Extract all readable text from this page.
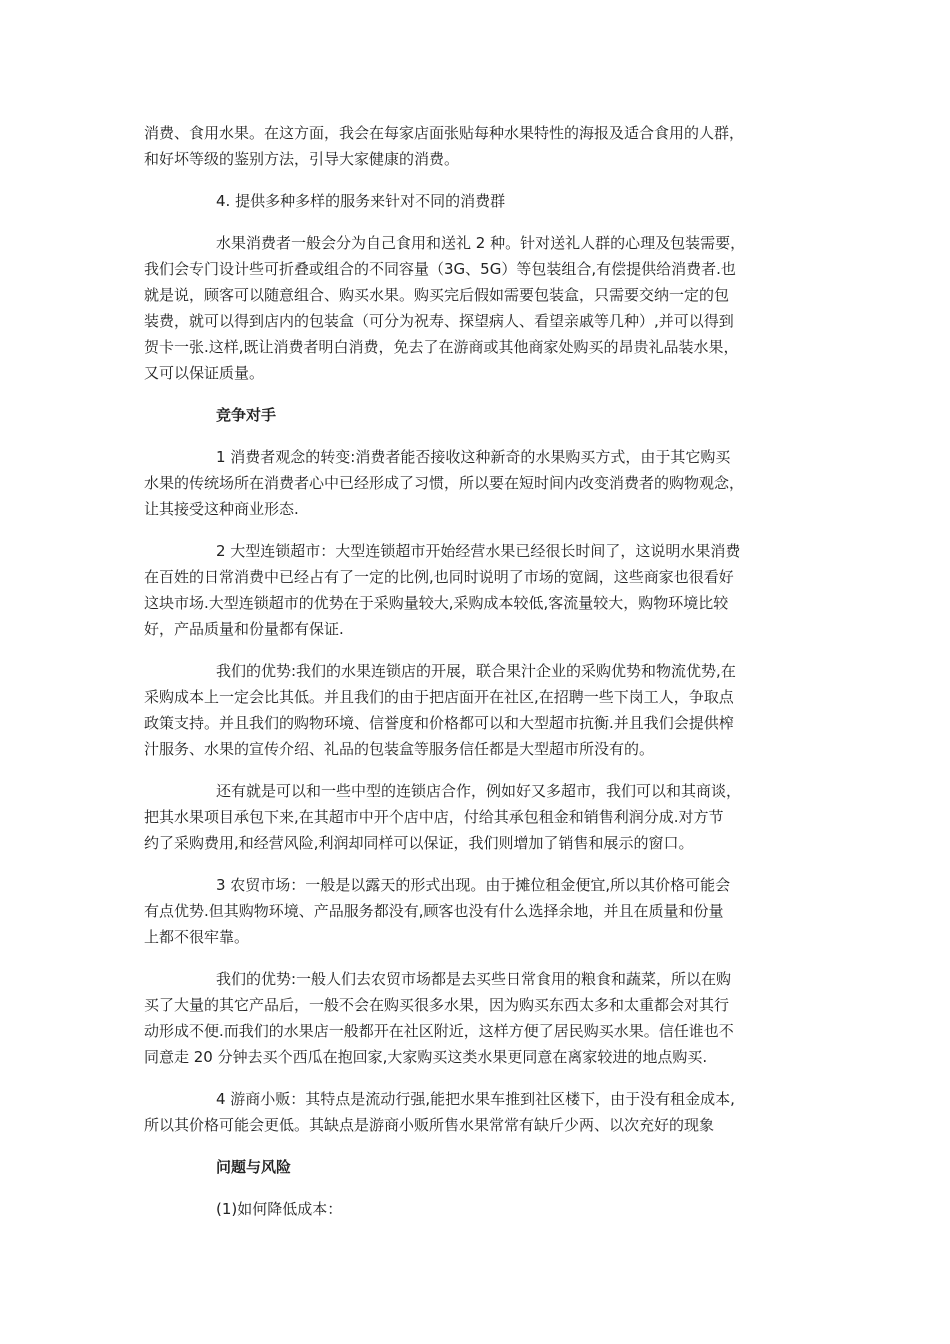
消费、食用水果。在这方面，我会在每家店面张贴每种水果特性的海报及适合食用的人群，
和好坏等级的鉴别方法，引导大家健康的消费。

4. 提供多种多样的服务来针对不同的消费群

水果消费者一般会分为自己食用和送礼 2 种。针对送礼人群的心理及包装需要，
我们会专门设计些可折叠或组合的不同容量（3G、5G）等包装组合,有偿提供给消费者.也
就是说，顾客可以随意组合、购买水果。购买完后假如需要包装盒，只需要交纳一定的包
装费，就可以得到店内的包装盒（可分为祝寿、探望病人、看望亲戚等几种）,并可以得到
贺卡一张.这样,既让消费者明白消费，免去了在游商或其他商家处购买的昂贵礼品装水果，
又可以保证质量。

竞争对手

1 消费者观念的转变:消费者能否接收这种新奇的水果购买方式，由于其它购买
水果的传统场所在消费者心中已经形成了习惯，所以要在短时间内改变消费者的购物观念，
让其接受这种商业形态.

2 大型连锁超市：大型连锁超市开始经营水果已经很长时间了，这说明水果消费
在百姓的日常消费中已经占有了一定的比例,也同时说明了市场的宽阔，这些商家也很看好
这块市场.大型连锁超市的优势在于采购量较大,采购成本较低,客流量较大，购物环境比较
好，产品质量和份量都有保证.

我们的优势:我们的水果连锁店的开展，联合果汁企业的采购优势和物流优势,在
采购成本上一定会比其低。并且我们的由于把店面开在社区,在招聘一些下岗工人，争取点
政策支持。并且我们的购物环境、信誉度和价格都可以和大型超市抗衡.并且我们会提供榨
汁服务、水果的宣传介绍、礼品的包装盒等服务信任都是大型超市所没有的。

还有就是可以和一些中型的连锁店合作，例如好又多超市，我们可以和其商谈，
把其水果项目承包下来,在其超市中开个店中店，付给其承包租金和销售利润分成.对方节
约了采购费用,和经营风险,利润却同样可以保证，我们则增加了销售和展示的窗口。

3 农贸市场：一般是以露天的形式出现。由于摊位租金便宜,所以其价格可能会
有点优势.但其购物环境、产品服务都没有,顾客也没有什么选择余地，并且在质量和份量
上都不很牢靠。

我们的优势:一般人们去农贸市场都是去买些日常食用的粮食和蔬菜，所以在购
买了大量的其它产品后，一般不会在购买很多水果，因为购买东西太多和太重都会对其行
动形成不便.而我们的水果店一般都开在社区附近，这样方便了居民购买水果。信任谁也不
同意走 20 分钟去买个西瓜在抱回家,大家购买这类水果更同意在离家较进的地点购买.

4 游商小贩：其特点是流动行强,能把水果车推到社区楼下，由于没有租金成本,
所以其价格可能会更低。其缺点是游商小贩所售水果常常有缺斤少两、以次充好的现象

问题与风险

(1)如何降低成本：
